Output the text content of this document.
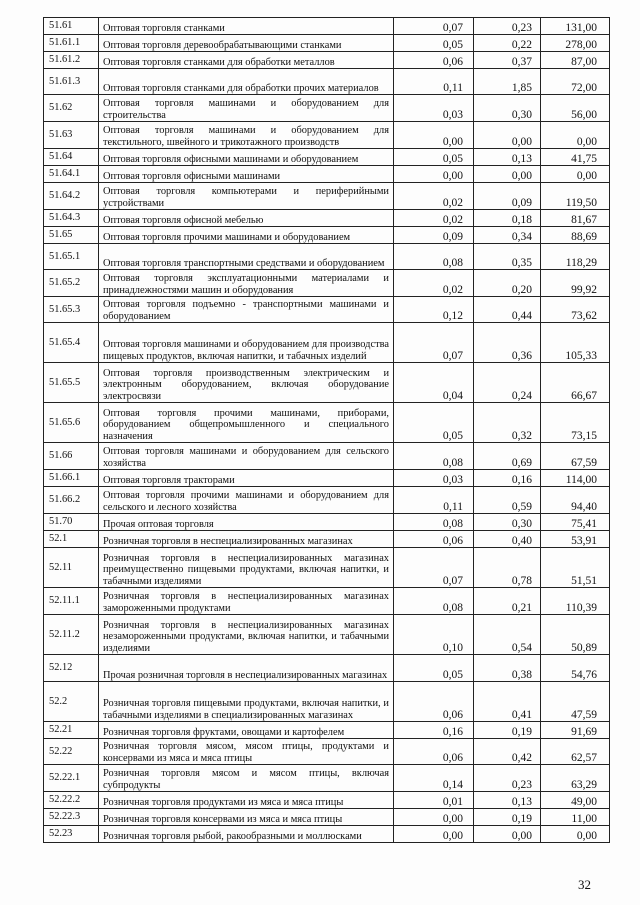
51.61	Оптовая торговля станками	0,07	0,23	131,00
51.61.1	Оптовая торговля деревообрабатывающими станками	0,05	0,22	278,00
51.61.2	Оптовая торговля станками для обработки металлов	0,06	0,37	87,00
51.61.3	Оптовая торговля станками для обработки прочих материалов	0,11	1,85	72,00
51.62	Оптовая торговля машинами и оборудованием для строительства	0,03	0,30	56,00
51.63	Оптовая торговля машинами и оборудованием для текстильного, швейного и трикотажного производств	0,00	0,00	0,00
51.64	Оптовая торговля офисными машинами и оборудованием	0,05	0,13	41,75
51.64.1	Оптовая торговля офисными машинами	0,00	0,00	0,00
51.64.2	Оптовая торговля компьютерами и периферийными устройствами	0,02	0,09	119,50
51.64.3	Оптовая торговля офисной мебелью	0,02	0,18	81,67
51.65	Оптовая торговля прочими машинами и оборудованием	0,09	0,34	88,69
51.65.1	Оптовая торговля транспортными средствами и оборудованием	0,08	0,35	118,29
51.65.2	Оптовая торговля эксплуатационными материалами и принадлежностями машин и оборудования	0,02	0,20	99,92
51.65.3	Оптовая торговля подъемно - транспортными машинами и оборудованием	0,12	0,44	73,62
51.65.4	Оптовая торговля машинами и оборудованием для производства пищевых продуктов, включая напитки, и табачных изделий	0,07	0,36	105,33
51.65.5	Оптовая торговля производственным электрическим и электронным оборудованием, включая оборудование электросвязи	0,04	0,24	66,67
51.65.6	Оптовая торговля прочими машинами, приборами, оборудованием общепромышленного и специального назначения	0,05	0,32	73,15
51.66	Оптовая торговля машинами и оборудованием для сельского хозяйства	0,08	0,69	67,59
51.66.1	Оптовая торговля тракторами	0,03	0,16	114,00
51.66.2	Оптовая торговля прочими машинами и оборудованием для сельского и лесного хозяйства	0,11	0,59	94,40
51.70	Прочая оптовая торговля	0,08	0,30	75,41
52.1	Розничная торговля в неспециализированных магазинах	0,06	0,40	53,91
52.11	Розничная торговля в неспециализированных магазинах преимущественно пищевыми продуктами, включая напитки, и табачными изделиями	0,07	0,78	51,51
52.11.1	Розничная торговля в неспециализированных магазинах замороженными продуктами	0,08	0,21	110,39
52.11.2	Розничная торговля в неспециализированных магазинах незамороженными продуктами, включая напитки, и табачными изделиями	0,10	0,54	50,89
52.12	Прочая розничная торговля в неспециализированных магазинах	0,05	0,38	54,76
52.2	Розничная торговля пищевыми продуктами, включая напитки, и табачными изделиями в специализированных магазинах	0,06	0,41	47,59
52.21	Розничная торговля фруктами, овощами и картофелем	0,16	0,19	91,69
52.22	Розничная торговля мясом, мясом птицы, продуктами и консервами из мяса и мяса птицы	0,06	0,42	62,57
52.22.1	Розничная торговля мясом и мясом птицы, включая субпродукты	0,14	0,23	63,29
52.22.2	Розничная торговля продуктами из мяса и мяса птицы	0,01	0,13	49,00
52.22.3	Розничная торговля консервами из мяса и мяса птицы	0,00	0,19	11,00
52.23	Розничная торговля рыбой, ракообразными и моллюсками	0,00	0,00	0,00
32
